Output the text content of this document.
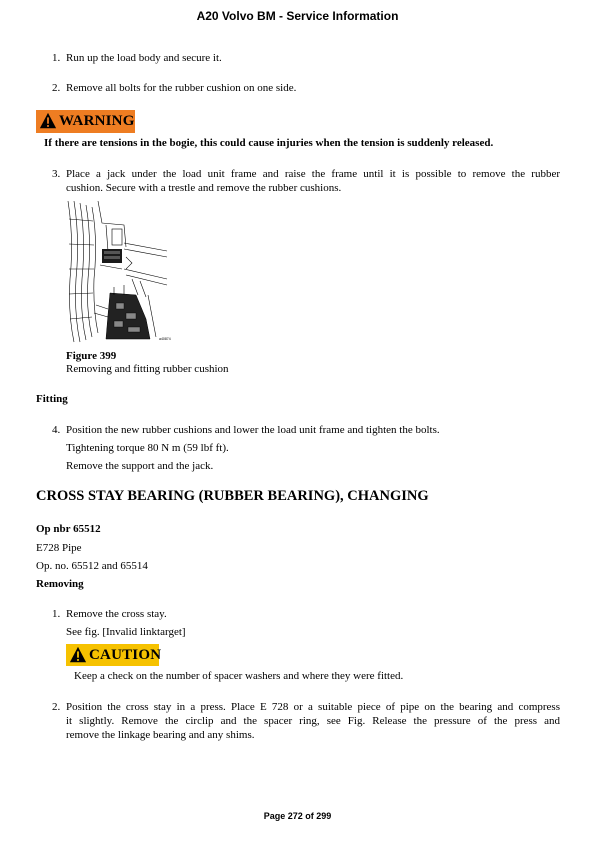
A20 Volvo BM - Service Information
1. Run up the load body and secure it.
2. Remove all bolts for the rubber cushion on one side.
WARNING
If there are tensions in the bogie, this could cause injuries when the tension is suddenly released.
3. Place a jack under the load unit frame and raise the frame until it is possible to remove the rubber
cushion. Secure with a trestle and remove the rubber cushions.
a40874
Figure 399
Removing and fitting rubber cushion
Fitting
4. Position the new rubber cushions and lower the load unit frame and tighten the bolts.
Tightening torque 80 N m (59 lbf ft).
Remove the support and the jack.
CROSS STAY BEARING (RUBBER BEARING), CHANGING
Op nbr 65512
E728 Pipe
Op. no. 65512 and 65514
Removing
1. Remove the cross stay.
See fig. [Invalid linktarget]
CAUTION
Keep a check on the number of spacer washers and where they were fitted.
2. Position the cross stay in a press. Place E 728 or a suitable piece of pipe on the bearing and compress
it slightly. Remove the circlip and the spacer ring, see Fig. Release the pressure of the press and
remove the linkage bearing and any shims.
Page 272 of 299
